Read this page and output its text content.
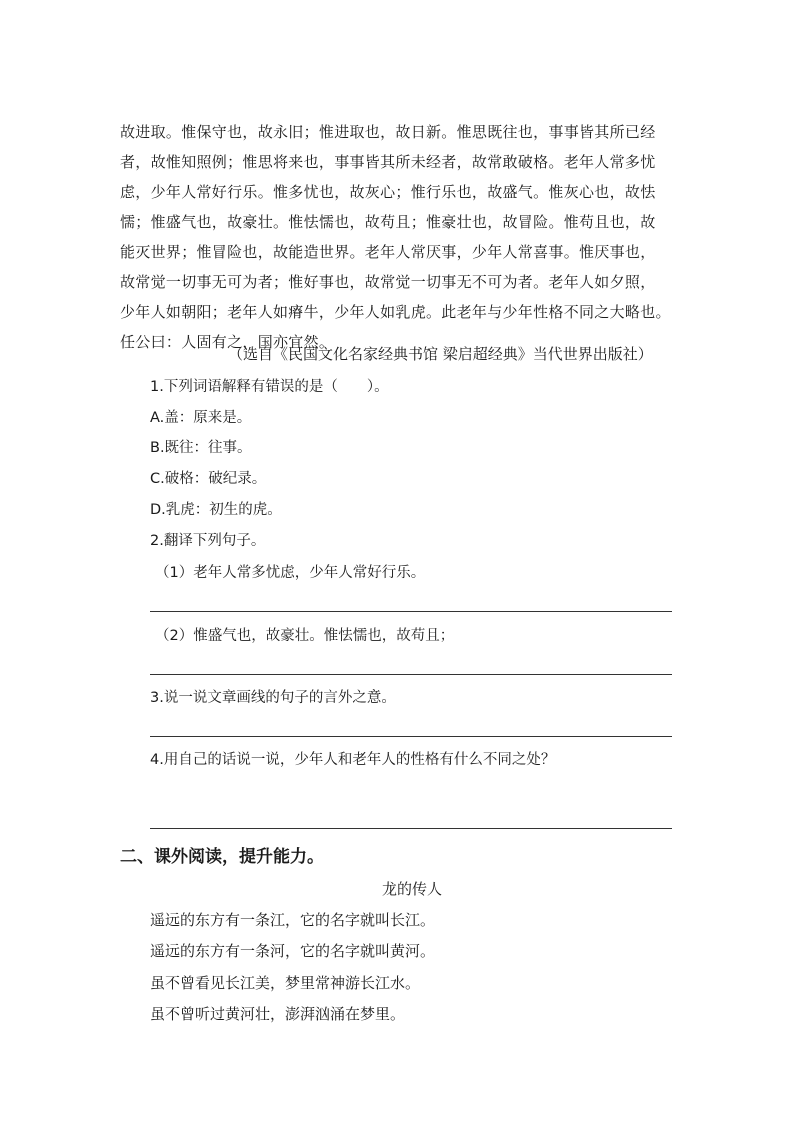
故进取。惟保守也，故永旧；惟进取也，故日新。惟思既往也，事事皆其所已经
者，故惟知照例；惟思将来也，事事皆其所未经者，故常敢破格。老年人常多忧
虑，少年人常好行乐。惟多忧也，故灰心；惟行乐也，故盛气。惟灰心也，故怯
懦；惟盛气也，故豪壮。惟怯懦也，故苟且；惟豪壮也，故冒险。惟苟且也，故
能灭世界；惟冒险也，故能造世界。老年人常厌事，少年人常喜事。惟厌事也，
故常觉一切事无可为者；惟好事也，故常觉一切事无不可为者。老年人如夕照，
少年人如朝阳；老年人如瘠牛，少年人如乳虎。此老年与少年性格不同之大略也。
任公曰：人固有之，国亦宜然。
（选自《民国文化名家经典书馆 梁启超经典》当代世界出版社）
1.下列词语解释有错误的是（　　）。
A.盖：原来是。
B.既往：往事。
C.破格：破纪录。
D.乳虎：初生的虎。
2.翻译下列句子。
（1）老年人常多忧虑，少年人常好行乐。
（2）惟盛气也，故豪壮。惟怯懦也，故苟且；
3.说一说文章画线的句子的言外之意。
4.用自己的话说一说，少年人和老年人的性格有什么不同之处？
二、课外阅读，提升能力。
龙的传人
遥远的东方有一条江，它的名字就叫长江。
遥远的东方有一条河，它的名字就叫黄河。
虽不曾看见长江美，梦里常神游长江水。
虽不曾听过黄河壮，澎湃汹涌在梦里。
